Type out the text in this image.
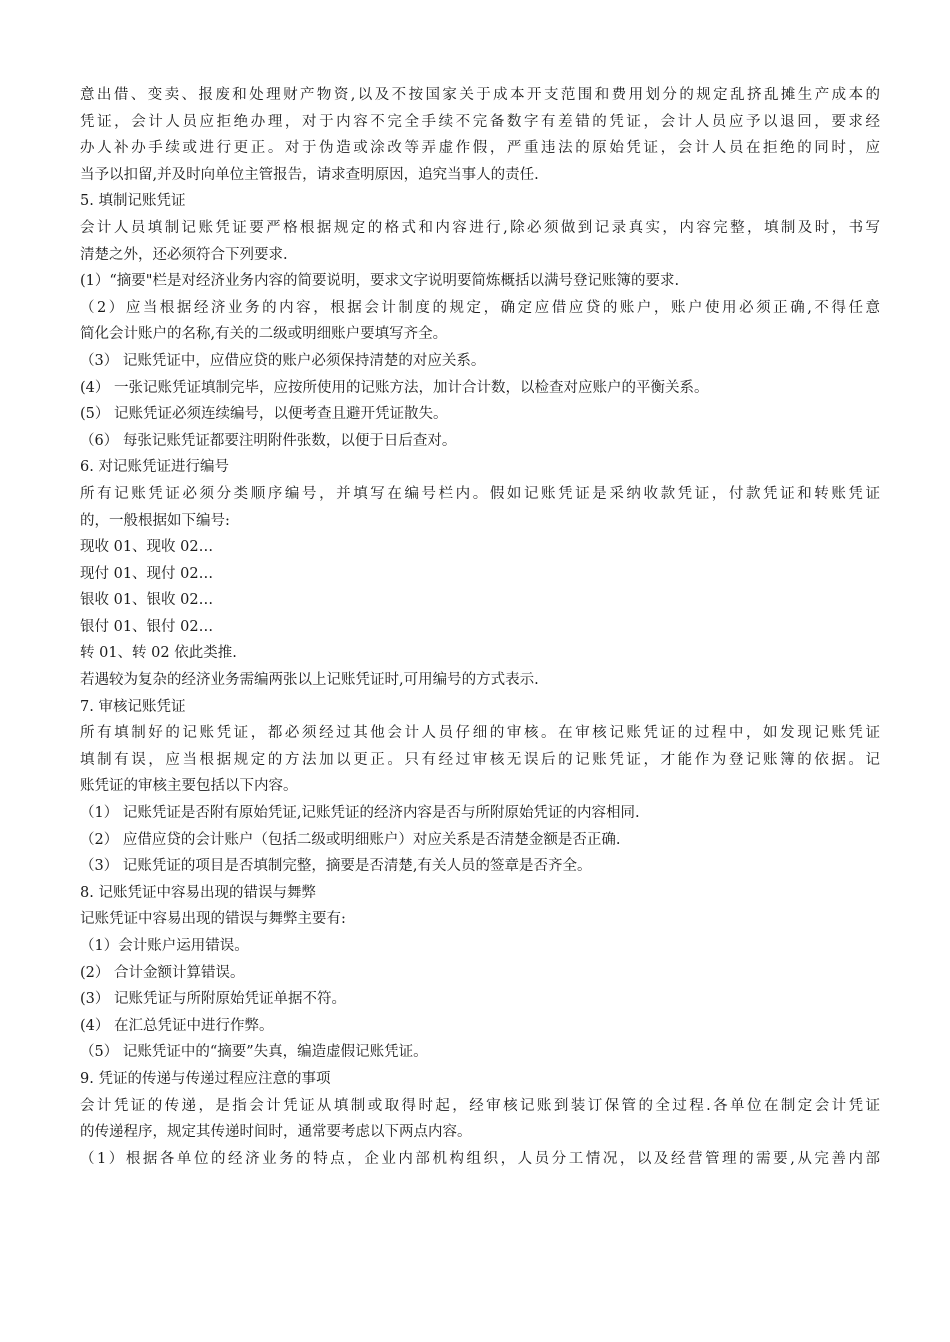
意出借、变卖、报废和处理财产物资,以及不按国家关于成本开支范围和费用划分的规定乱挤乱摊生产成本的
凭证，会计人员应拒绝办理，对于内容不完全手续不完备数字有差错的凭证，会计人员应予以退回，要求经
办人补办手续或进行更正。对于伪造或涂改等弄虚作假，严重违法的原始凭证，会计人员在拒绝的同时，应
当予以扣留,并及时向单位主管报告，请求查明原因，追究当事人的责任.
5. 填制记账凭证
会计人员填制记账凭证要严格根据规定的格式和内容进行,除必须做到记录真实，内容完整，填制及时，书写
清楚之外，还必须符合下列要求.
(1）“摘要"栏是对经济业务内容的简要说明，要求文字说明要简炼概括以满号登记账簿的要求.
（2）应当根据经济业务的内容，根据会计制度的规定，确定应借应贷的账户，账户使用必须正确,不得任意
简化会计账户的名称,有关的二级或明细账户要填写齐全。
（3） 记账凭证中，应借应贷的账户必须保持清楚的对应关系。
(4） 一张记账凭证填制完毕，应按所使用的记账方法，加计合计数，以检查对应账户的平衡关系。
(5） 记账凭证必须连续编号，以便考查且避开凭证散失。
（6） 每张记账凭证都要注明附件张数，以便于日后查对。
6. 对记账凭证进行编号
所有记账凭证必须分类顺序编号，并填写在编号栏内。假如记账凭证是采纳收款凭证，付款凭证和转账凭证
的，一般根据如下编号:
现收 01、现收 02…
现付 01、现付 02…
银收 01、银收 02…
银付 01、银付 02…
转 01、转 02 依此类推.
若遇较为复杂的经济业务需编两张以上记账凭证时,可用编号的方式表示.
7. 审核记账凭证
所有填制好的记账凭证，都必须经过其他会计人员仔细的审核。在审核记账凭证的过程中，如发现记账凭证
填制有误，应当根据规定的方法加以更正。只有经过审核无误后的记账凭证，才能作为登记账簿的依据。记
账凭证的审核主要包括以下内容。
（1） 记账凭证是否附有原始凭证,记账凭证的经济内容是否与所附原始凭证的内容相同.
（2） 应借应贷的会计账户（包括二级或明细账户）对应关系是否清楚金额是否正确.
（3） 记账凭证的项目是否填制完整，摘要是否清楚,有关人员的签章是否齐全。
8. 记账凭证中容易出现的错误与舞弊
记账凭证中容易出现的错误与舞弊主要有:
（1）会计账户运用错误。
(2） 合计金额计算错误。
(3） 记账凭证与所附原始凭证单据不符。
(4） 在汇总凭证中进行作弊。
（5） 记账凭证中的“摘要”失真，编造虚假记账凭证。
9. 凭证的传递与传递过程应注意的事项
会计凭证的传递，是指会计凭证从填制或取得时起，经审核记账到装订保管的全过程.各单位在制定会计凭证
的传递程序，规定其传递时间时，通常要考虑以下两点内容。
（1）根据各单位的经济业务的特点，企业内部机构组织，人员分工情况，以及经营管理的需要,从完善内部
